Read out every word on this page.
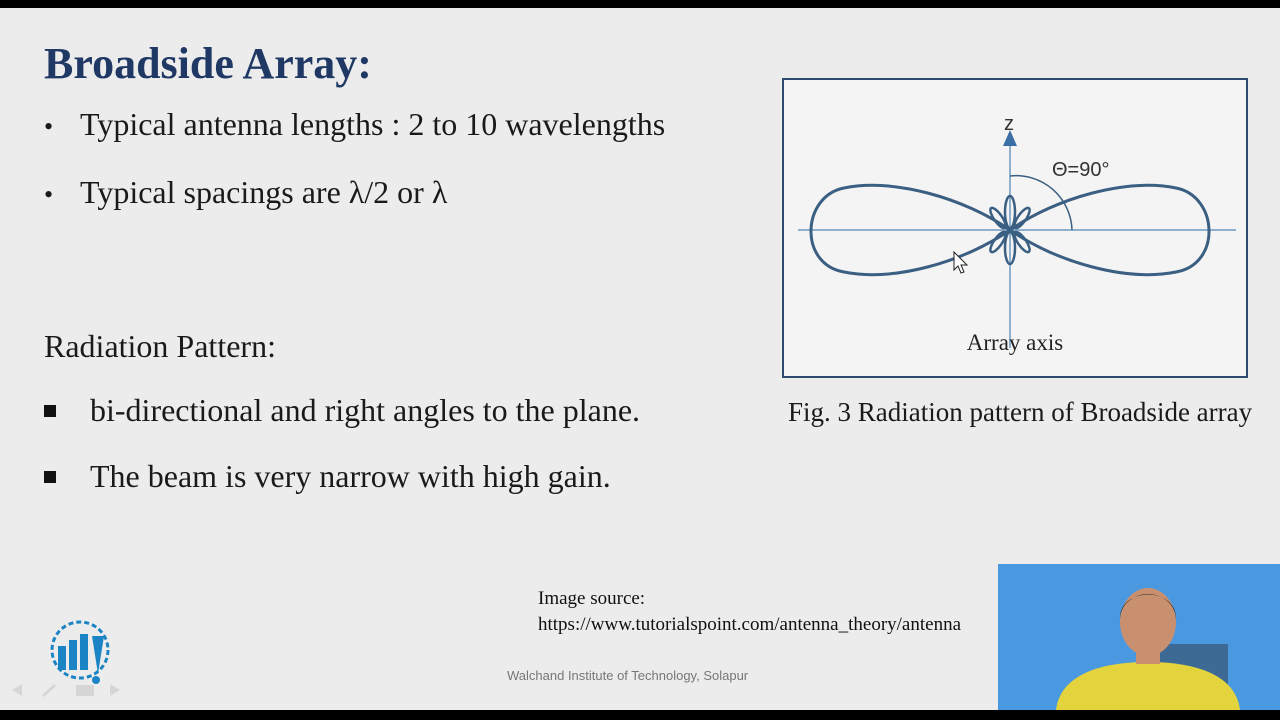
Broadside Array:
• Typical antenna lengths : 2 to 10 wavelengths
• Typical spacings are λ/2 or λ
Radiation Pattern:
bi-directional and right angles to the plane.
The beam is very narrow with high gain.
z
Θ=90°
Array axis
Fig. 3 Radiation pattern of Broadside array
Image source:
https://www.tutorialspoint.com/antenna_theory/antenna
Walchand Institute of Technology, Solapur
